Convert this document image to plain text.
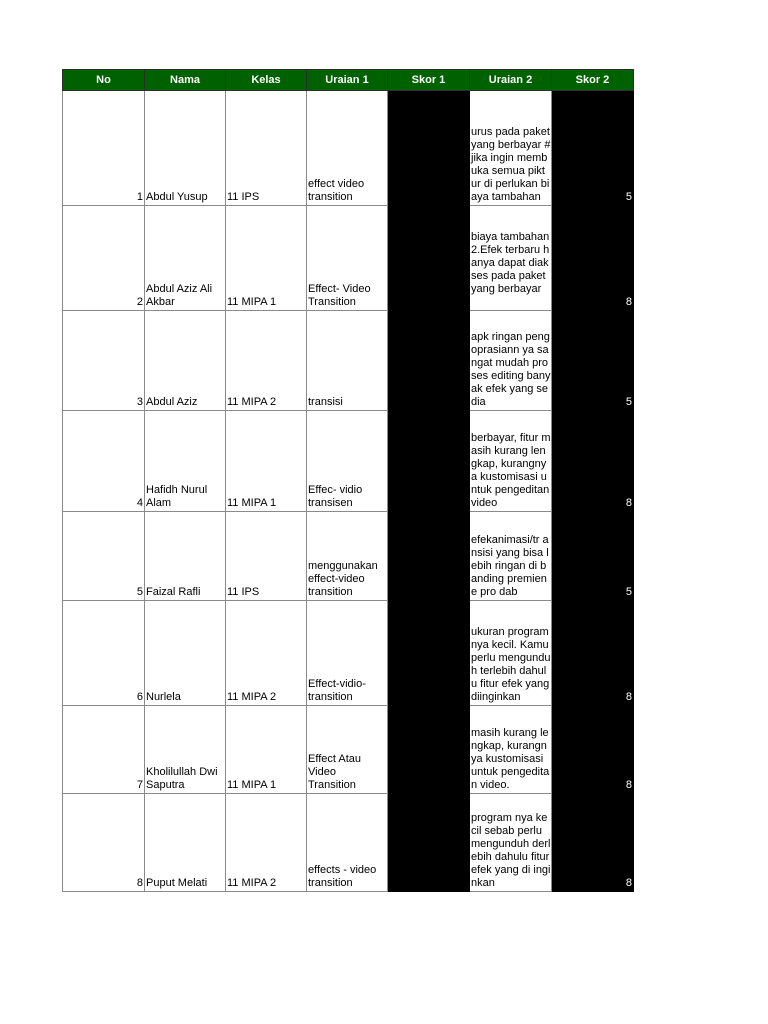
No	Nama	Kelas	Uraian 1	Skor 1	Uraian 2	Skor 2
1	Abdul Yusup	11 IPS	effect video transition	10	urus pada paket yang berbayar #jika ingin membuka semua piktur di perlukan biaya tambahan	5
2	Abdul Aziz Ali Akbar	11 MIPA 1	Effect- Video Transition	10	biaya tambahan 2.Efek terbaru hanya dapat diakses pada paket yang berbayar	8
3	Abdul Aziz	11 MIPA 2	transisi	10	apk ringan pengoprasiann ya sangat mudah proses editing banyak efek yang sedia	5
4	Hafidh Nurul Alam	11 MIPA 1	Effec- vidio transisen	10	berbayar, fitur masih kurang lengkap, kurangnya kustomisasi untuk pengeditan video	8
5	Faizal Rafli	11 IPS	menggunakan effect-video transition	10	efekanimasi/tr ansisi yang bisa lebih ringan di banding premiene pro dab	5
6	Nurlela	11 MIPA 2	Effect-vidio-transition	10	ukuran programnya kecil. Kamu perlu mengunduh terlebih dahulu fitur efek yang diinginkan	8
7	Kholilullah Dwi Saputra	11 MIPA 1	Effect Atau Video Transition	10	masih kurang lengkap, kurangnya kustomisasi untuk pengeditan video.	8
8	Puput Melati	11 MIPA 2	effects - video transition	10	program nya kecil sebab perlu mengunduh derlebih dahulu fitur efek yang di inginkan	8
